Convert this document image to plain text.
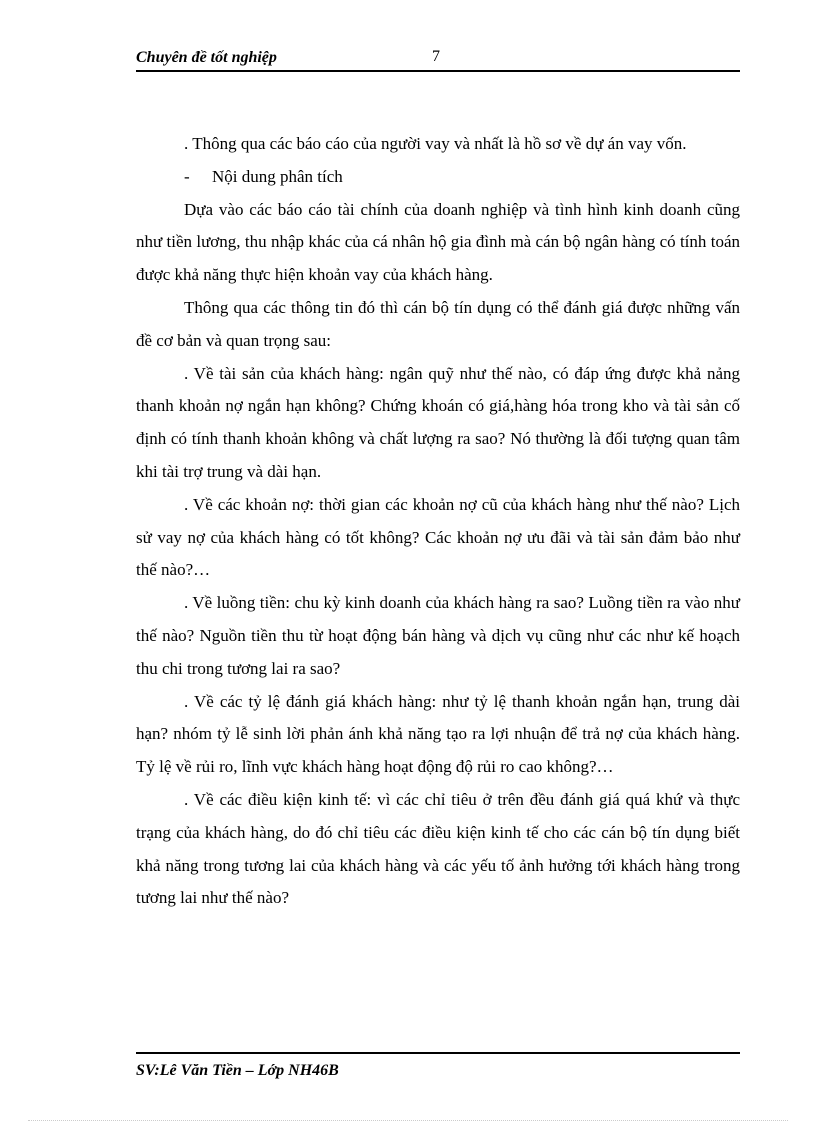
Chuyên đề tốt nghiệp	7

. Thông qua các báo cáo của người vay và nhất là hồ sơ về dự án vay vốn.

- Nội dung phân tích

Dựa vào các báo cáo tài chính của doanh nghiệp và tình hình kinh doanh cũng như tiền lương, thu nhập khác của cá nhân hộ gia đình mà cán bộ ngân hàng có tính toán được khả năng thực hiện khoản vay của khách hàng.

Thông qua các thông tin đó thì cán bộ tín dụng có thể đánh giá được những vấn đề cơ bản và quan trọng sau:

. Về tài sản của khách hàng: ngân quỹ như thế nào, có đáp ứng được khả nảng thanh khoản nợ ngắn hạn không? Chứng khoán có giá,hàng hóa trong kho và tài sản cố định có tính thanh khoản không và chất lượng ra sao? Nó thường là đối tượng quan tâm khi tài trợ trung và dài hạn.

. Về các khoản nợ: thời gian các khoản nợ cũ của khách hàng như thế nào? Lịch sử vay nợ của khách hàng có tốt không? Các khoản nợ ưu đãi và tài sản đảm bảo như thế nào?…

. Về luồng tiền: chu kỳ kinh doanh của khách hàng ra sao? Luồng tiền ra vào như thế nào? Nguồn tiền thu từ hoạt động bán hàng và dịch vụ cũng như các như kế hoạch thu chi trong tương lai ra sao?

. Về các tỷ lệ đánh giá khách hàng: như tỷ lệ thanh khoản ngắn hạn, trung dài hạn? nhóm tỷ lễ sinh lời phản ánh khả năng tạo ra lợi nhuận để trả nợ của khách hàng. Tỷ lệ về rủi ro, lĩnh vực khách hàng hoạt động độ rủi ro cao không?…

. Về các điều kiện kinh tế: vì các chỉ tiêu ở trên đều đánh giá quá khứ và thực trạng của khách hàng, do đó chỉ tiêu các điều kiện kinh tế cho các cán bộ tín dụng biết khả năng trong tương lai của khách hàng và các yếu tố ảnh hưởng tới khách hàng trong tương lai như thế nào?

SV:Lê Văn Tiền – Lớp NH46B
